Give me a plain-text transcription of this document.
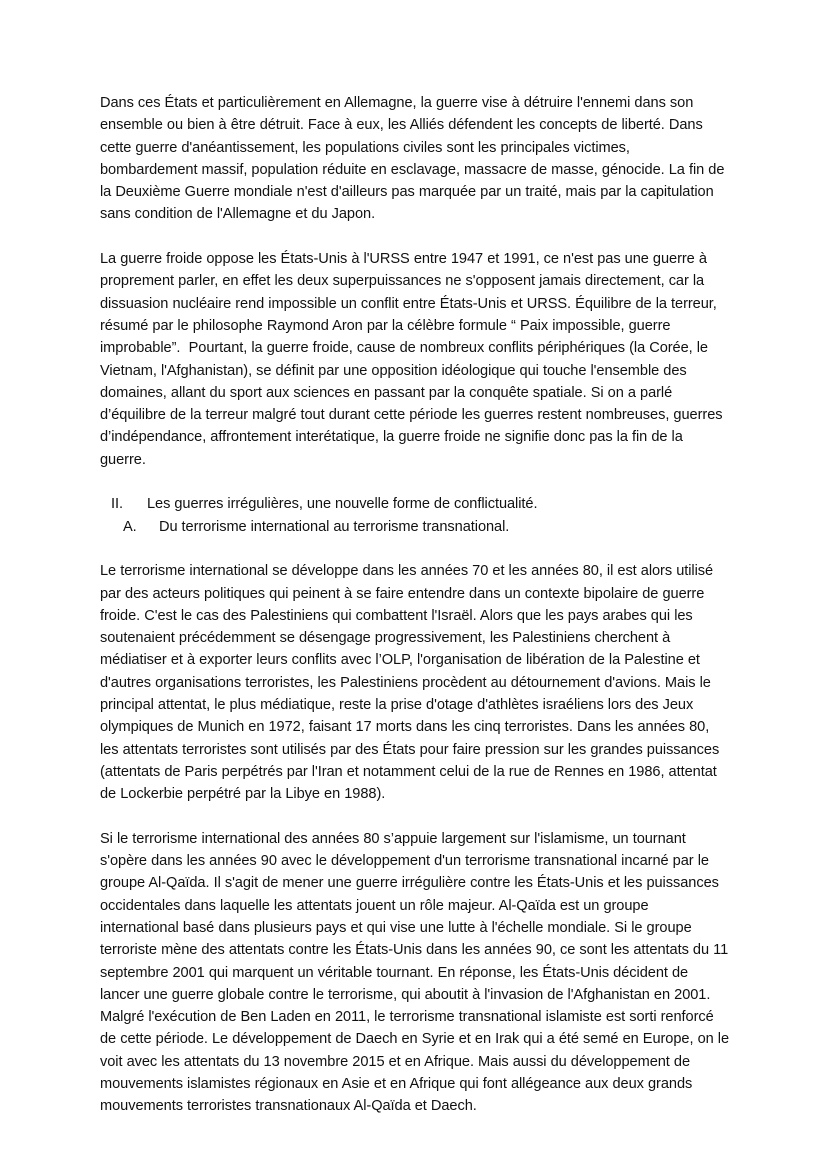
Dans ces États et particulièrement en Allemagne, la guerre vise à détruire l'ennemi dans son ensemble ou bien à être détruit. Face à eux, les Alliés défendent les concepts de liberté. Dans cette guerre d'anéantissement, les populations civiles sont les principales victimes, bombardement massif, population réduite en esclavage, massacre de masse, génocide. La fin de la Deuxième Guerre mondiale n'est d'ailleurs pas marquée par un traité, mais par la capitulation sans condition de l'Allemagne et du Japon.

La guerre froide oppose les États-Unis à l'URSS entre 1947 et 1991, ce n'est pas une guerre à proprement parler, en effet les deux superpuissances ne s'opposent jamais directement, car la dissuasion nucléaire rend impossible un conflit entre États-Unis et URSS. Équilibre de la terreur, résumé par le philosophe Raymond Aron par la célèbre formule “ Paix impossible, guerre improbable”.  Pourtant, la guerre froide, cause de nombreux conflits périphériques (la Corée, le Vietnam, l'Afghanistan), se définit par une opposition idéologique qui touche l'ensemble des domaines, allant du sport aux sciences en passant par la conquête spatiale. Si on a parlé d’équilibre de la terreur malgré tout durant cette période les guerres restent nombreuses, guerres d’indépendance, affrontement interétatique, la guerre froide ne signifie donc pas la fin de la guerre.

II.	Les guerres irrégulières, une nouvelle forme de conflictualité.
A.	Du terrorisme international au terrorisme transnational.

Le terrorisme international se développe dans les années 70 et les années 80, il est alors utilisé par des acteurs politiques qui peinent à se faire entendre dans un contexte bipolaire de guerre froide. C'est le cas des Palestiniens qui combattent l'Israël. Alors que les pays arabes qui les soutenaient précédemment se désengage progressivement, les Palestiniens cherchent à médiatiser et à exporter leurs conflits avec l’OLP, l'organisation de libération de la Palestine et d'autres organisations terroristes, les Palestiniens procèdent au détournement d'avions. Mais le principal attentat, le plus médiatique, reste la prise d'otage d'athlètes israéliens lors des Jeux olympiques de Munich en 1972, faisant 17 morts dans les cinq terroristes. Dans les années 80, les attentats terroristes sont utilisés par des États pour faire pression sur les grandes puissances (attentats de Paris perpétrés par l'Iran et notamment celui de la rue de Rennes en 1986, attentat de Lockerbie perpétré par la Libye en 1988).

Si le terrorisme international des années 80 s’appuie largement sur l'islamisme, un tournant s'opère dans les années 90 avec le développement d'un terrorisme transnational incarné par le groupe Al-Qaïda. Il s'agit de mener une guerre irrégulière contre les États-Unis et les puissances occidentales dans laquelle les attentats jouent un rôle majeur. Al-Qaïda est un groupe international basé dans plusieurs pays et qui vise une lutte à l'échelle mondiale. Si le groupe terroriste mène des attentats contre les États-Unis dans les années 90, ce sont les attentats du 11 septembre 2001 qui marquent un véritable tournant. En réponse, les États-Unis décident de lancer une guerre globale contre le terrorisme, qui aboutit à l'invasion de l'Afghanistan en 2001. Malgré l'exécution de Ben Laden en 2011, le terrorisme transnational islamiste est sorti renforcé de cette période. Le développement de Daech en Syrie et en Irak qui a été semé en Europe, on le voit avec les attentats du 13 novembre 2015 et en Afrique. Mais aussi du développement de mouvements islamistes régionaux en Asie et en Afrique qui font allégeance aux deux grands mouvements terroristes transnationaux Al-Qaïda et Daech.
